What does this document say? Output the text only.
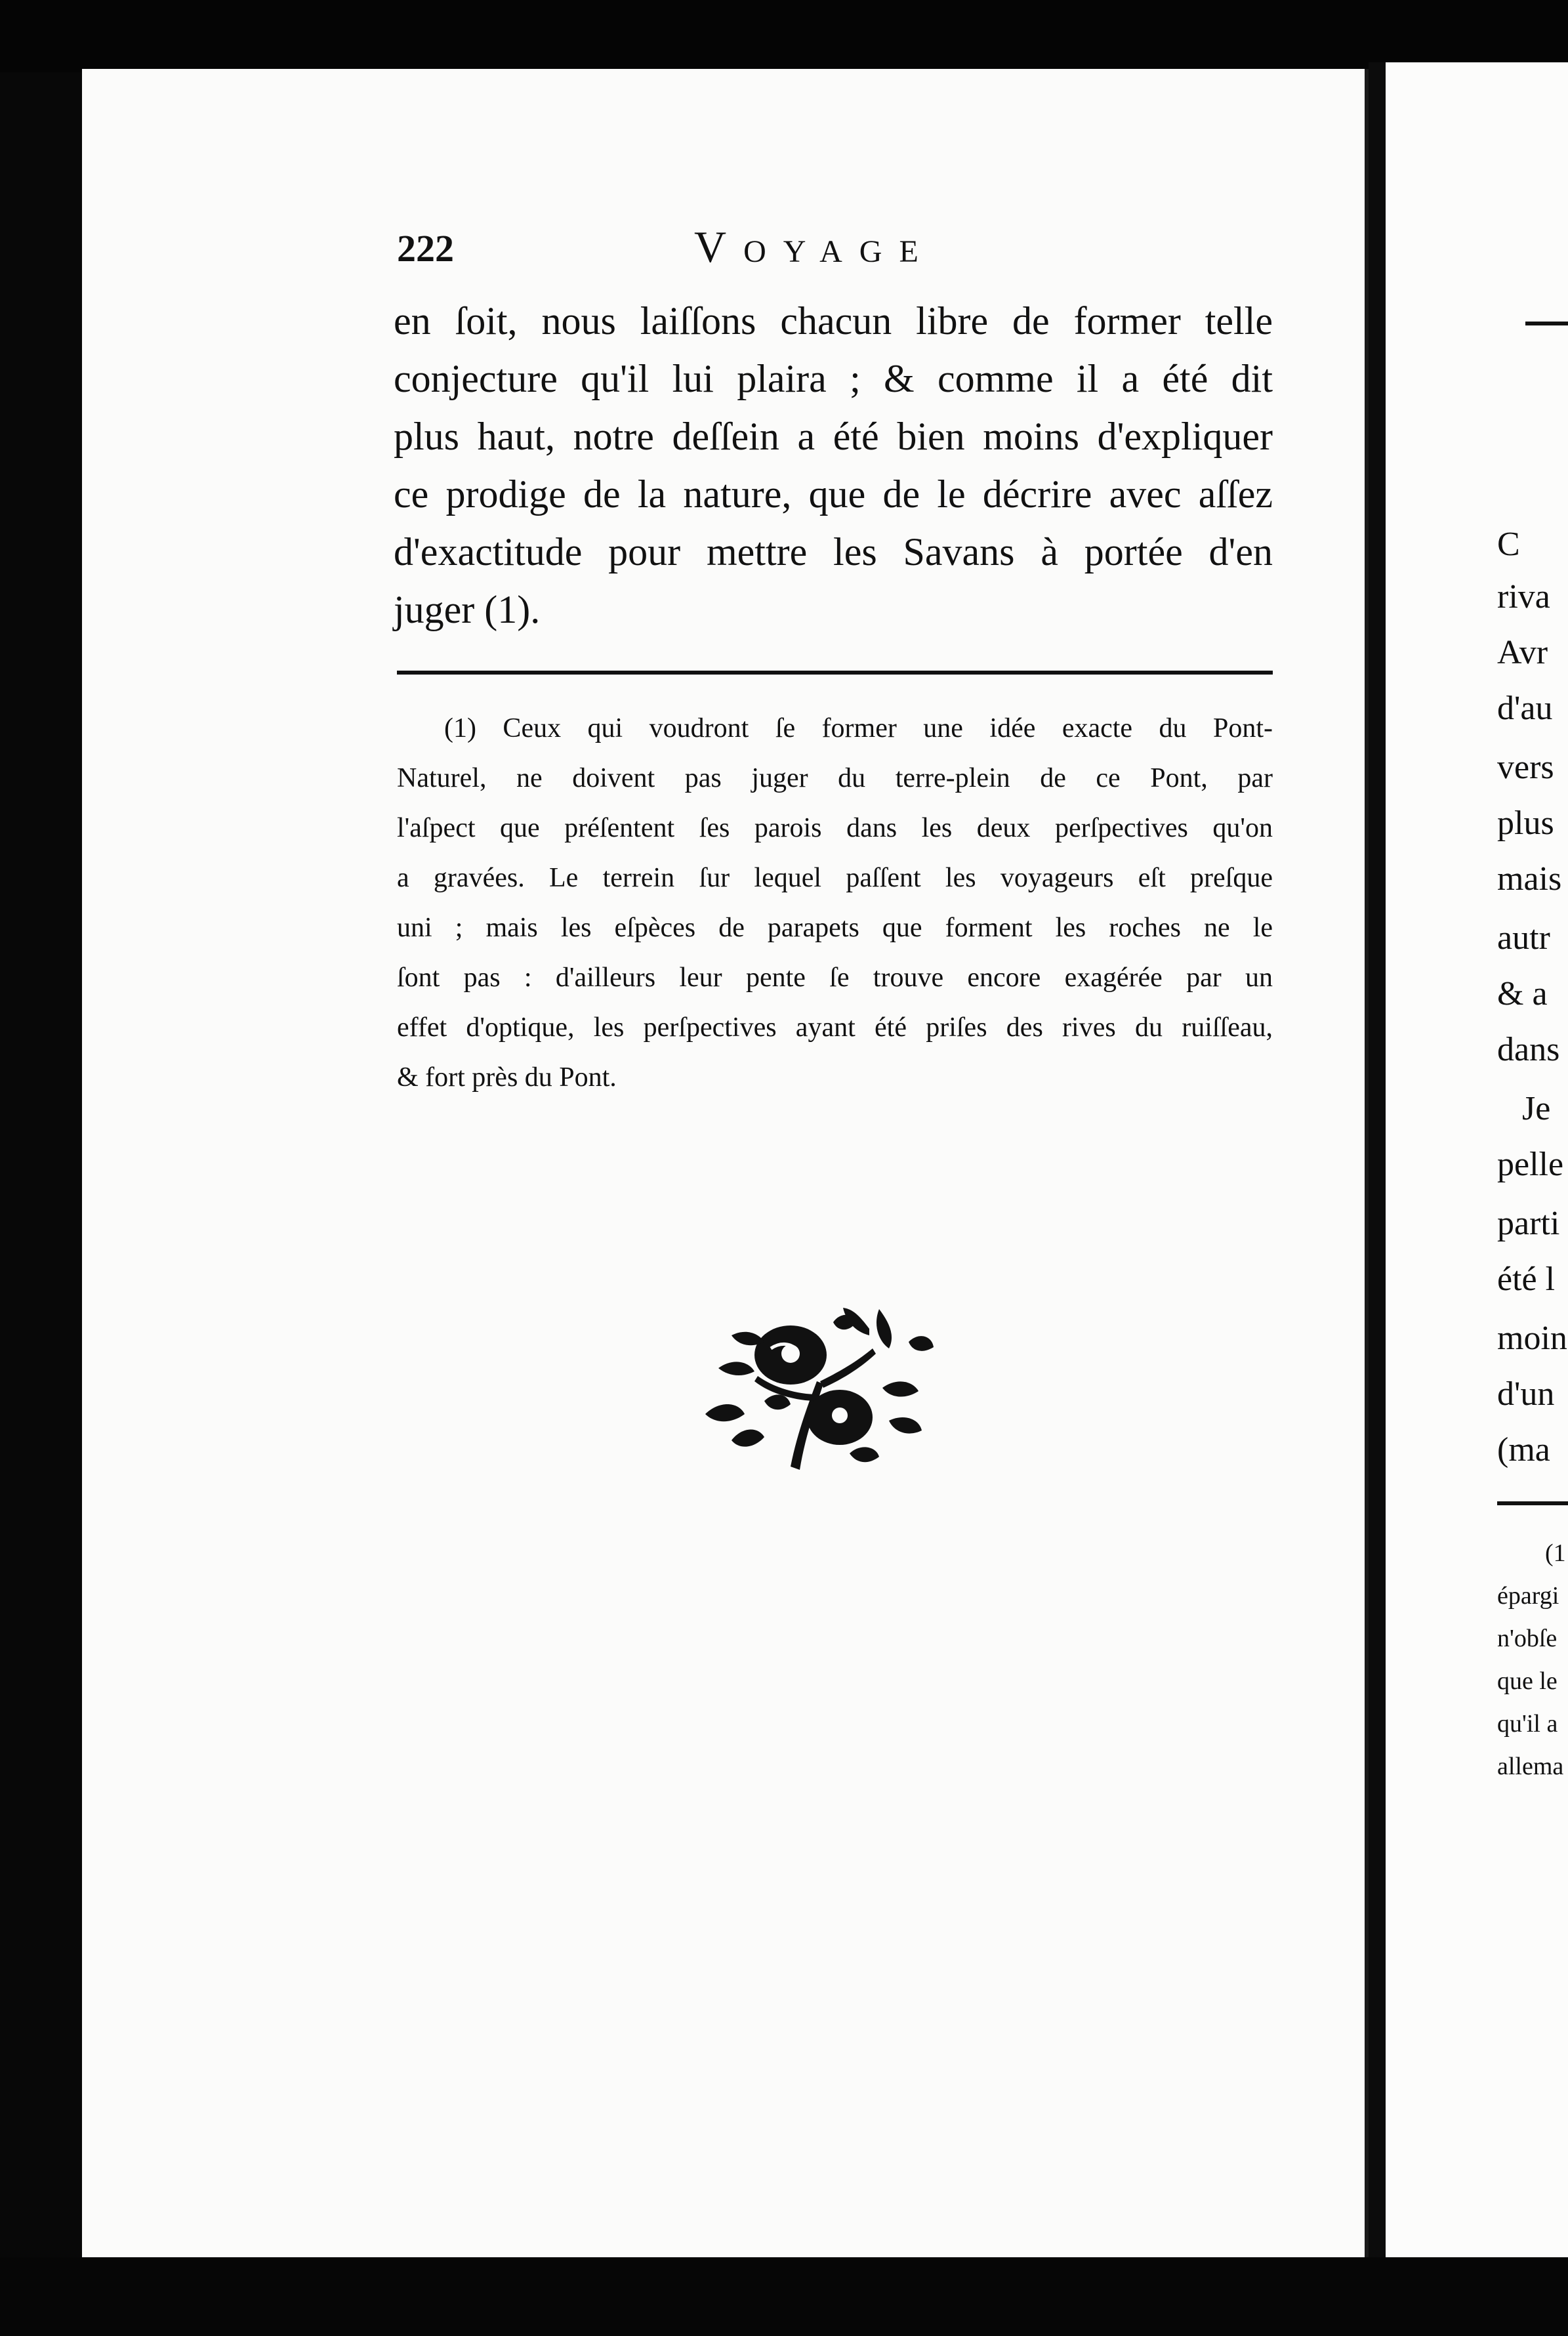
222	Voyage
en ſoit, nous laiſſons chacun libre de former telle
conjecture qu'il lui plaira ; & comme il a été dit
plus haut, notre deſſein a été bien moins d'expliquer
ce prodige de la nature, que de le décrire avec aſſez
d'exactitude pour mettre les Savans à portée d'en
juger (1).
(1) Ceux qui voudront ſe former une idée exacte du Pont-
Naturel, ne doivent pas juger du terre-plein de ce Pont, par
l'aſpect que préſentent ſes parois dans les deux perſpectives qu'on
a gravées. Le terrein ſur lequel paſſent les voyageurs eſt preſque
uni ; mais les eſpèces de parapets que forment les roches ne le
ſont pas : d'ailleurs leur pente ſe trouve encore exagérée par un
effet d'optique, les perſpectives ayant été priſes des rives du ruiſſeau,
& fort près du Pont.
C
riva
Avr
d'au
vers
plus
mais
autr
& a
dans
Je
pelle
parti
été l
moin
d'un
(ma
(1
épargi
n'obſe
que le
qu'il a
allema
